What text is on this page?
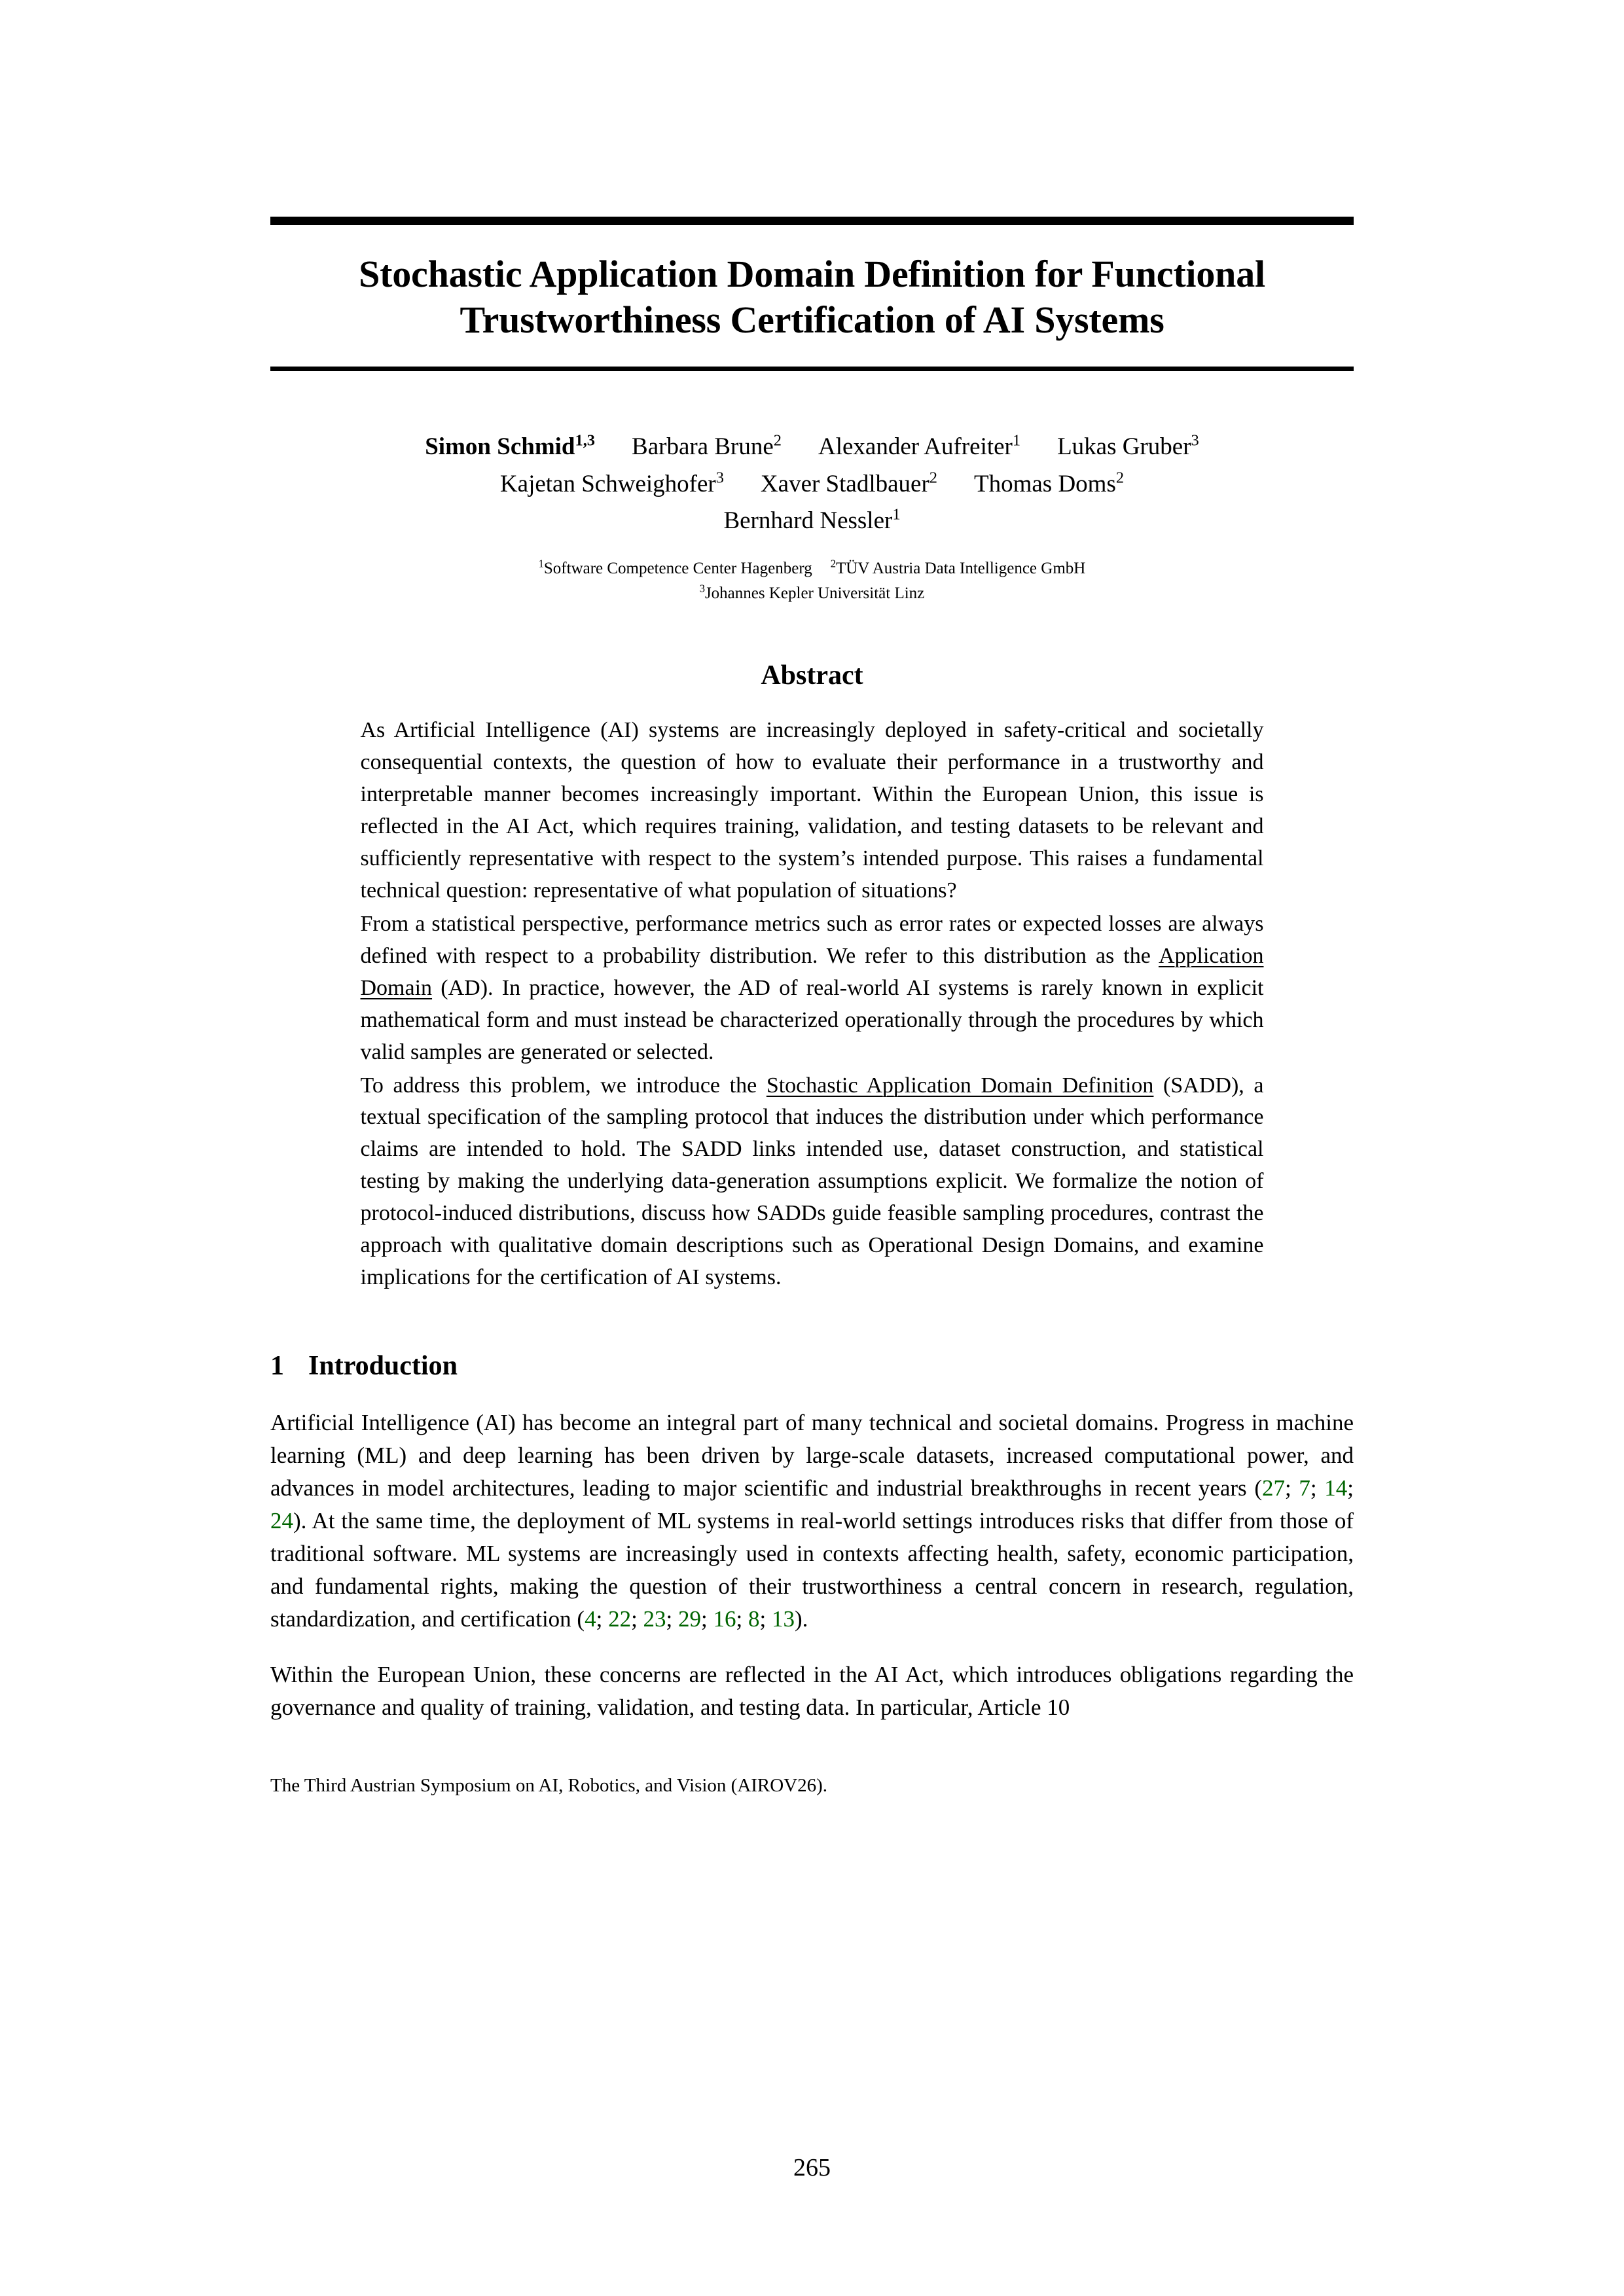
Stochastic Application Domain Definition for Functional Trustworthiness Certification of AI Systems
Simon Schmid$^{1,3}$ Barbara Brune$^2$ Alexander Aufreiter$^1$ Lukas Gruber$^3$
Kajetan Schweighofer$^3$ Xaver Stadlbauer$^2$ Thomas Doms$^2$
Bernhard Nessler$^1$
$^1$Software Competence Center Hagenberg $^2$TÜV Austria Data Intelligence GmbH
$^3$Johannes Kepler Universität Linz
Abstract

As Artificial Intelligence (AI) systems are increasingly deployed in safety-critical and societally consequential contexts, the question of how to evaluate their performance in a trustworthy and interpretable manner becomes increasingly important. Within the European Union, this issue is reflected in the AI Act, which requires training, validation, and testing datasets to be relevant and sufficiently representative with respect to the system’s intended purpose. This raises a fundamental technical question: representative of what population of situations?

From a statistical perspective, performance metrics such as error rates or expected losses are always defined with respect to a probability distribution. We refer to this distribution as the Application Domain (AD). In practice, however, the AD of real-world AI systems is rarely known in explicit mathematical form and must instead be characterized operationally through the procedures by which valid samples are generated or selected.

To address this problem, we introduce the Stochastic Application Domain Definition (SADD), a textual specification of the sampling protocol that induces the distribution under which performance claims are intended to hold. The SADD links intended use, dataset construction, and statistical testing by making the underlying data-generation assumptions explicit. We formalize the notion of protocol-induced distributions, discuss how SADDs guide feasible sampling procedures, contrast the approach with qualitative domain descriptions such as Operational Design Domains, and examine implications for the certification of AI systems.

1 Introduction

Artificial Intelligence (AI) has become an integral part of many technical and societal domains. Progress in machine learning (ML) and deep learning has been driven by large-scale datasets, increased computational power, and advances in model architectures, leading to major scientific and industrial breakthroughs in recent years (27; 7; 14; 24). At the same time, the deployment of ML systems in real-world settings introduces risks that differ from those of traditional software. ML systems are increasingly used in contexts affecting health, safety, economic participation, and fundamental rights, making the question of their trustworthiness a central concern in research, regulation, standardization, and certification (4; 22; 23; 29; 16; 8; 13).

Within the European Union, these concerns are reflected in the AI Act, which introduces obligations regarding the governance and quality of training, validation, and testing data. In particular, Article 10

The Third Austrian Symposium on AI, Robotics, and Vision (AIROV26).
265
